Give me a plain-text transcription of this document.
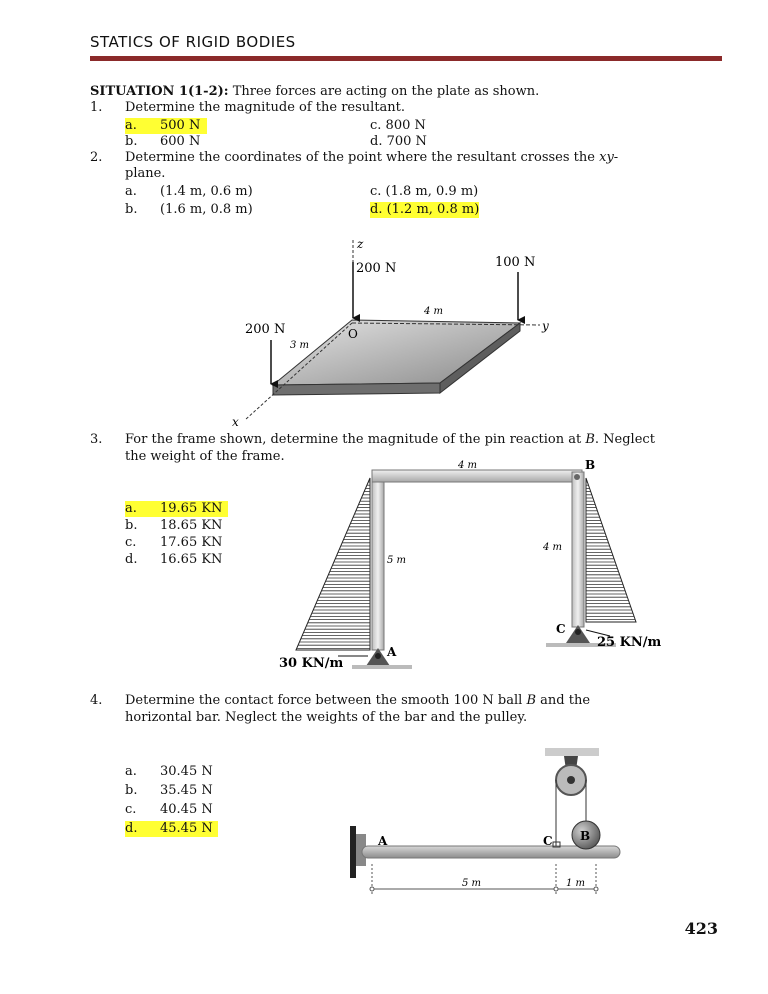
STATICS OF RIGID BODIES
SITUATION 1(1-2): Three forces are acting on the plate as shown.
1. Determine the magnitude of the resultant.
a. 500 N	c. 800 N
b. 600 N	d. 700 N
2. Determine the coordinates of the point where the resultant crosses the xy-
plane.
a. (1.4 m, 0.6 m)	c. (1.8 m, 0.9 m)
b. (1.6 m, 0.8 m)	d. (1.2 m, 0.8 m)
z
y
x
O
4 m
3 m
200 N	100 N
200 N
3. For the frame shown, determine the magnitude of the pin reaction at B. Neglect
the weight of the frame.
a. 19.65 KN
b. 18.65 KN
c. 17.65 KN
d. 16.65 KN
4 m
5 m
4 m
B
A
C
30 KN/m
25 KN/m
4. Determine the contact force between the smooth 100 N ball B and the
horizontal bar. Neglect the weights of the bar and the pulley.
a. 30.45 N
b. 35.45 N
c. 40.45 N
d. 45.45 N	B
A	C
5 m	1 m
423
